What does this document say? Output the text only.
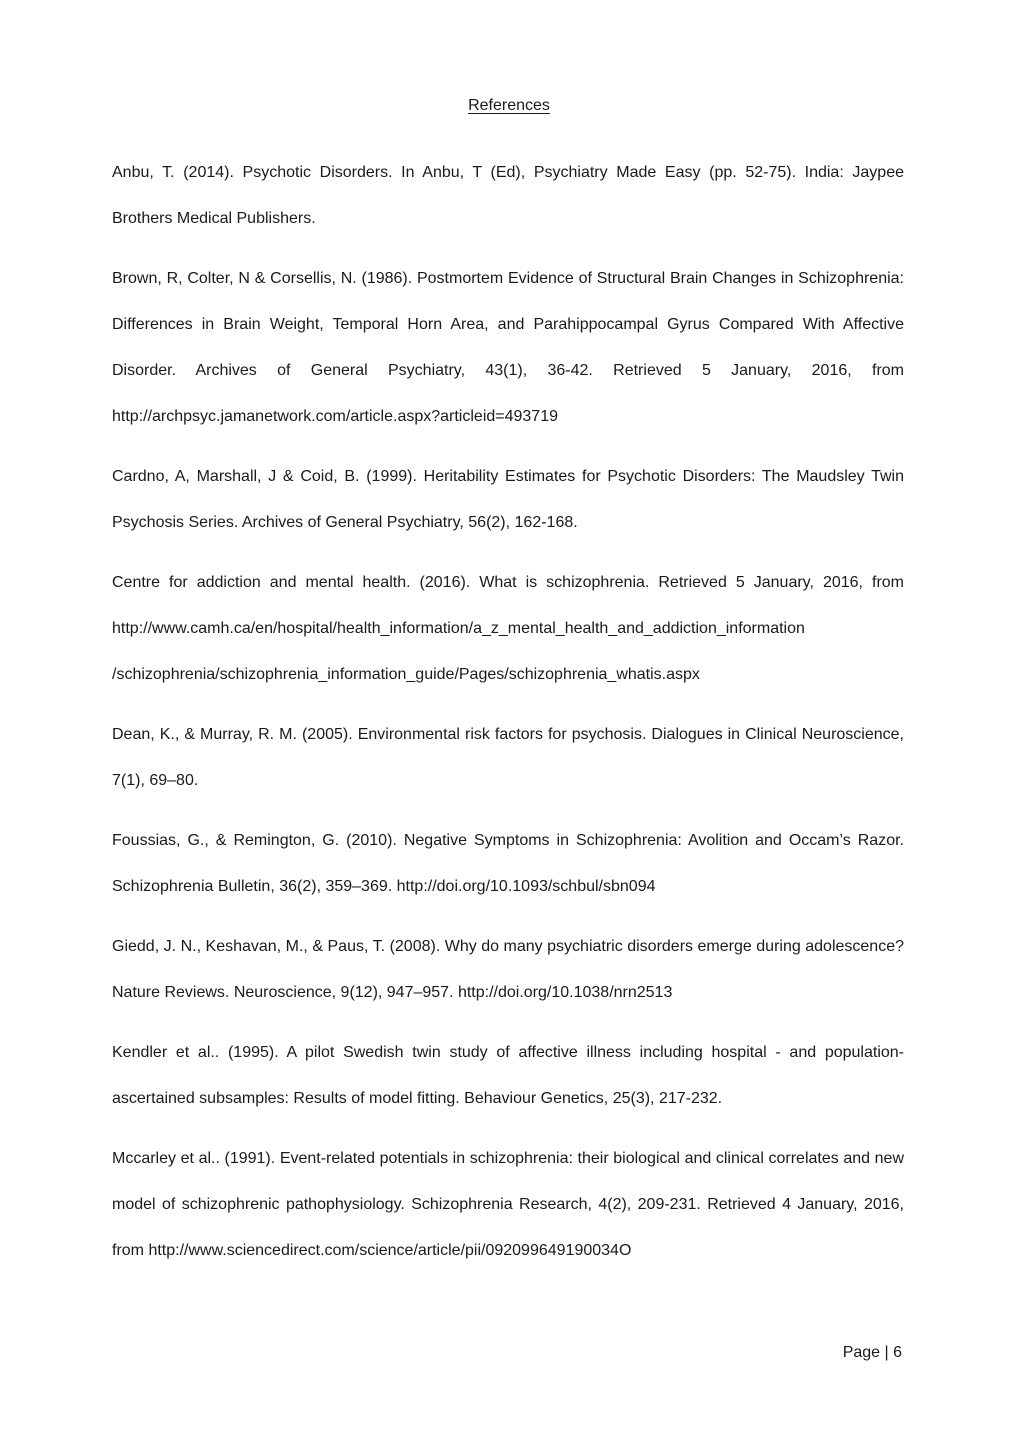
References
Anbu, T. (2014). Psychotic Disorders. In Anbu, T (Ed), Psychiatry Made Easy (pp. 52-75). India: Jaypee Brothers Medical Publishers.
Brown, R, Colter, N & Corsellis, N. (1986). Postmortem Evidence of Structural Brain Changes in Schizophrenia: Differences in Brain Weight, Temporal Horn Area, and Parahippocampal Gyrus Compared With Affective Disorder. Archives of General Psychiatry, 43(1), 36-42. Retrieved 5 January, 2016, from http://archpsyc.jamanetwork.com/article.aspx?articleid=493719
Cardno, A, Marshall, J & Coid, B. (1999). Heritability Estimates for Psychotic Disorders: The Maudsley Twin Psychosis Series. Archives of General Psychiatry, 56(2), 162-168.
Centre for addiction and mental health. (2016). What is schizophrenia. Retrieved 5 January, 2016, from http://www.camh.ca/en/hospital/health_information/a_z_mental_health_and_addiction_information /schizophrenia/schizophrenia_information_guide/Pages/schizophrenia_whatis.aspx
Dean, K., & Murray, R. M. (2005). Environmental risk factors for psychosis. Dialogues in Clinical Neuroscience, 7(1), 69–80.
Foussias, G., & Remington, G. (2010). Negative Symptoms in Schizophrenia: Avolition and Occam’s Razor. Schizophrenia Bulletin, 36(2), 359–369. http://doi.org/10.1093/schbul/sbn094
Giedd, J. N., Keshavan, M., & Paus, T. (2008). Why do many psychiatric disorders emerge during adolescence? Nature Reviews. Neuroscience, 9(12), 947–957. http://doi.org/10.1038/nrn2513
Kendler et al.. (1995). A pilot Swedish twin study of affective illness including hospital - and population-ascertained subsamples: Results of model fitting. Behaviour Genetics, 25(3), 217-232.
Mccarley et al.. (1991). Event-related potentials in schizophrenia: their biological and clinical correlates and new model of schizophrenic pathophysiology. Schizophrenia Research, 4(2), 209-231. Retrieved 4 January, 2016, from http://www.sciencedirect.com/science/article/pii/092099649190034O
Page | 6
